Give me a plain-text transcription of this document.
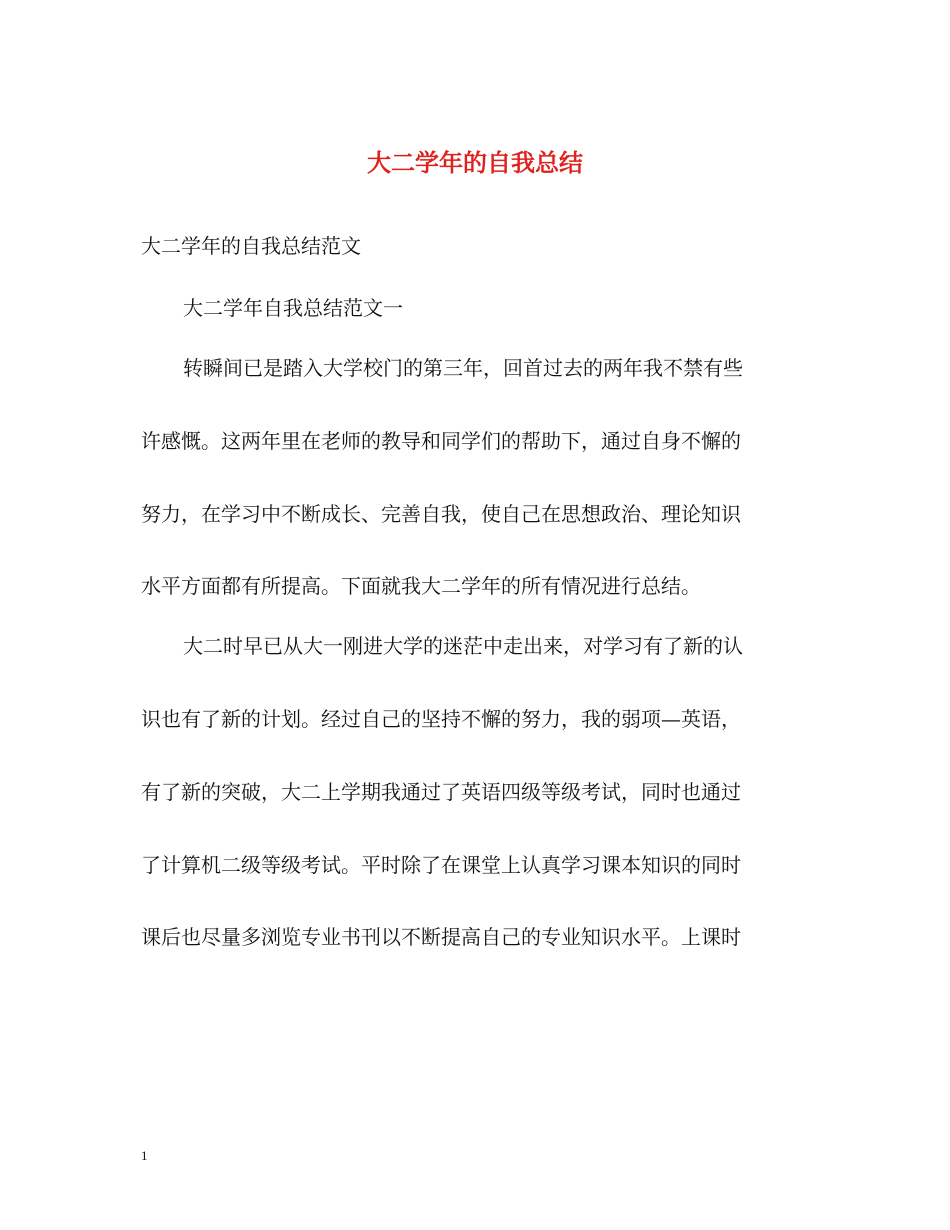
大二学年的自我总结

大二学年的自我总结范文

大二学年自我总结范文一

转瞬间已是踏入大学校门的第三年，回首过去的两年我不禁有些

许感慨。这两年里在老师的教导和同学们的帮助下，通过自身不懈的

努力，在学习中不断成长、完善自我，使自己在思想政治、理论知识

水平方面都有所提高。下面就我大二学年的所有情况进行总结。

大二时早已从大一刚进大学的迷茫中走出来，对学习有了新的认

识也有了新的计划。经过自己的坚持不懈的努力，我的弱项—英语，

有了新的突破，大二上学期我通过了英语四级等级考试，同时也通过

了计算机二级等级考试。平时除了在课堂上认真学习课本知识的同时

课后也尽量多浏览专业书刊以不断提高自己的专业知识水平。上课时

1
